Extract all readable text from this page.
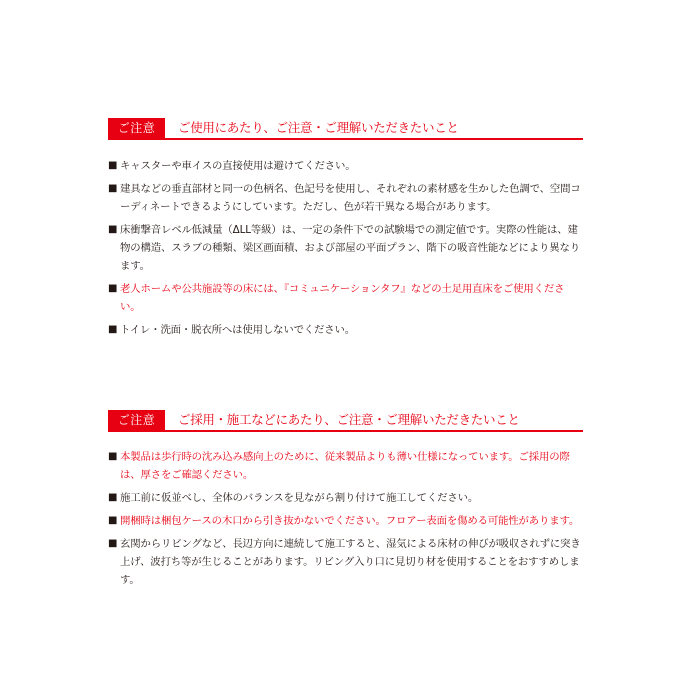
ご注意	ご使用にあたり、ご注意・ご理解いただきたいこと
■ キャスターや車イスの直接使用は避けてください。
■ 建具などの垂直部材と同一の色柄名、色記号を使用し、それぞれの素材感を生かした色調で、空間コーディネートできるようにしています。ただし、色が若干異なる場合があります。
■ 床衝撃音レベル低減量（ΔLL等級）は、一定の条件下での試験場での測定値です。実際の性能は、建物の構造、スラブの種類、梁区画面積、および部屋の平面プラン、階下の吸音性能などにより異なります。
■ 老人ホームや公共施設等の床には、『コミュニケーションタフ』などの土足用直床をご使用ください。
■ トイレ・洗面・脱衣所へは使用しないでください。
ご注意	ご採用・施工などにあたり、ご注意・ご理解いただきたいこと
■ 本製品は歩行時の沈み込み感向上のために、従来製品よりも薄い仕様になっています。ご採用の際は、厚さをご確認ください。
■ 施工前に仮並べし、全体のバランスを見ながら割り付けて施工してください。
■ 開梱時は梱包ケースの木口から引き抜かないでください。フロアー表面を傷める可能性があります。
■ 玄関からリビングなど、長辺方向に連続して施工すると、湿気による床材の伸びが吸収されずに突き上げ、波打ち等が生じることがあります。リビング入り口に見切り材を使用することをおすすめします。
